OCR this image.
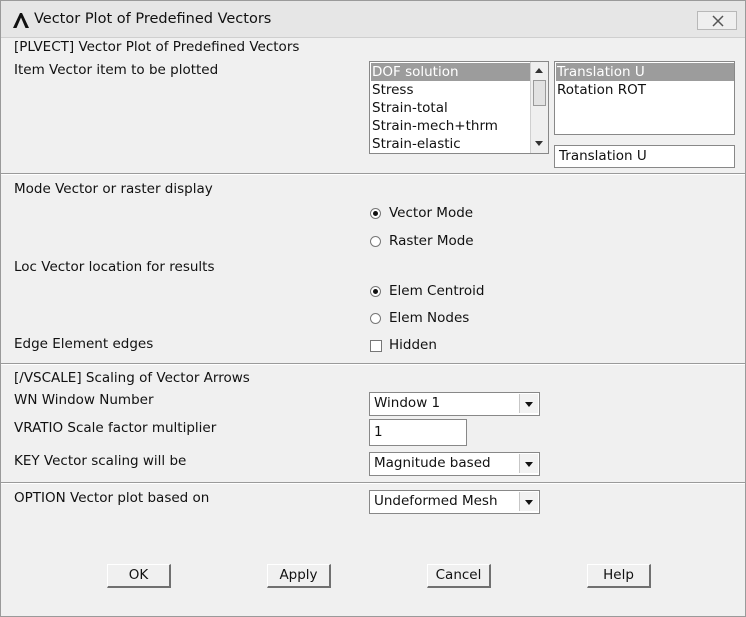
Vector Plot of Predefined Vectors
[PLVECT] Vector Plot of Predefined Vectors
Item Vector item to be plotted	DOF solution
Stress
Strain-total
Strain-mech+thrm
Strain-elastic
Translation U
Rotation ROT
Translation U
Mode Vector or raster display
Vector Mode
Raster Mode
Loc Vector location for results
Elem Centroid
Elem Nodes
Edge Element edges	Hidden
[/VSCALE] Scaling of Vector Arrows
WN Window Number	Window 1
VRATIO Scale factor multiplier	1
KEY Vector scaling will be	Magnitude based
OPTION Vector plot based on	Undeformed Mesh
OK	Apply	Cancel	Help
